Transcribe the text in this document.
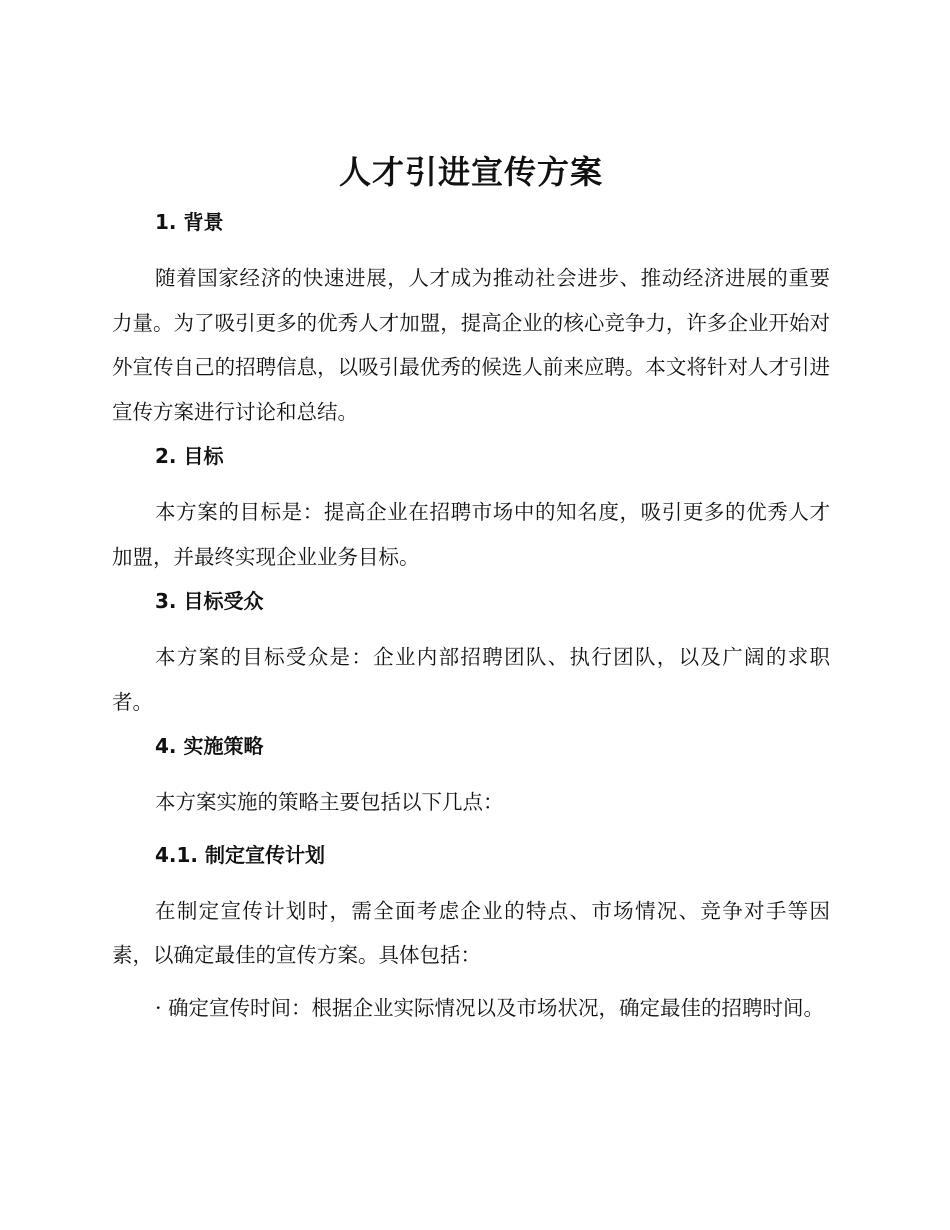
人才引进宣传方案
1. 背景

随着国家经济的快速进展，人才成为推动社会进步、推动经济进展的重要力量。为了吸引更多的优秀人才加盟，提高企业的核心竞争力，许多企业开始对外宣传自己的招聘信息，以吸引最优秀的候选人前来应聘。本文将针对人才引进宣传方案进行讨论和总结。

2. 目标

本方案的目标是：提高企业在招聘市场中的知名度，吸引更多的优秀人才加盟，并最终实现企业业务目标。

3. 目标受众

本方案的目标受众是：企业内部招聘团队、执行团队，以及广阔的求职者。

4. 实施策略

本方案实施的策略主要包括以下几点：

4.1. 制定宣传计划

在制定宣传计划时，需全面考虑企业的特点、市场情况、竞争对手等因素，以确定最佳的宣传方案。具体包括：

· 确定宣传时间：根据企业实际情况以及市场状况，确定最佳的招聘时间。
